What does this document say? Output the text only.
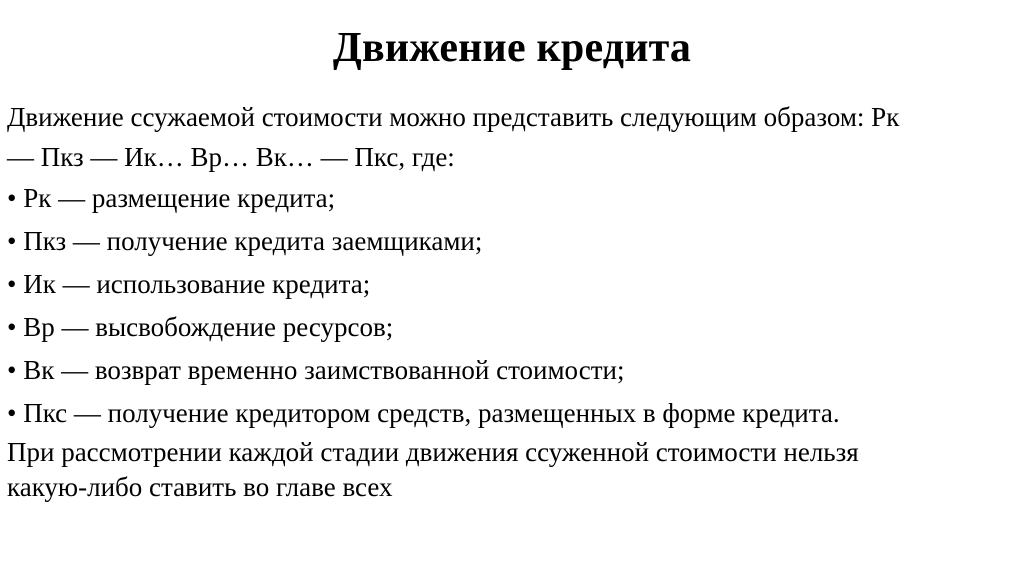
Движение кредита

Движение ссужаемой стоимости можно представить следующим образом: Рк
— Пкз — Ик… Вр… Вк… — Пкс, где:

• Рк — размещение кредита;
• Пкз — получение кредита заемщиками;
• Ик — использование кредита;
• Вр — высвобождение ресурсов;
• Вк — возврат временно заимствованной стоимости;
• Пкс — получение кредитором средств, размещенных в форме кредита.

При рассмотрении каждой стадии движения ссуженной стоимости нельзя
какую-либо ставить во главе всех
